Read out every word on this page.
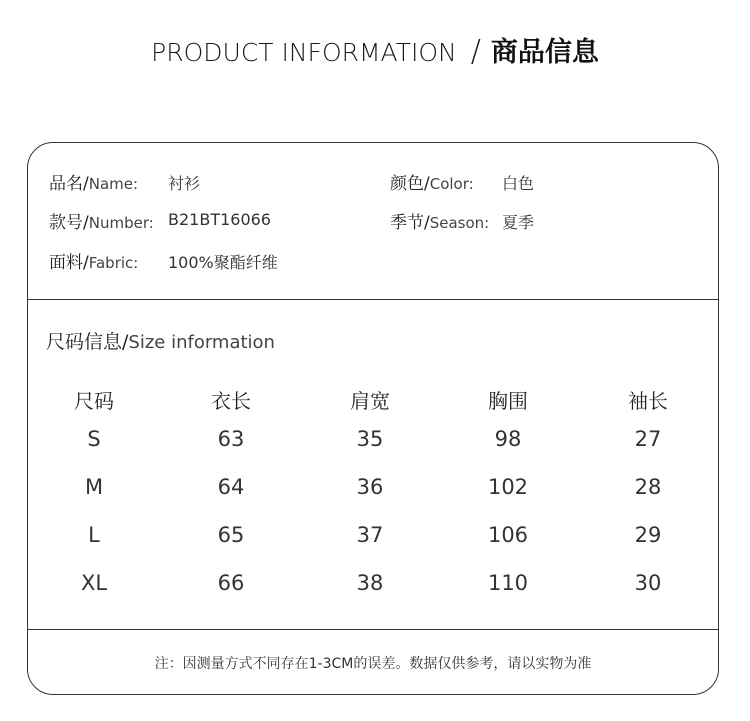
PRODUCT INFORMATION / 商品信息
品名/Name: 衬衫	颜色/Color: 白色
款号/Number: B21BT16066	季节/Season: 夏季
面料/Fabric: 100%聚酯纤维
尺码信息/Size information
尺码	衣长	肩宽	胸围	袖长
S	63	35	98	27
M	64	36	102	28
L	65	37	106	29
XL	66	38	110	30
注：因测量方式不同存在1-3CM的误差。数据仅供参考，请以实物为准
